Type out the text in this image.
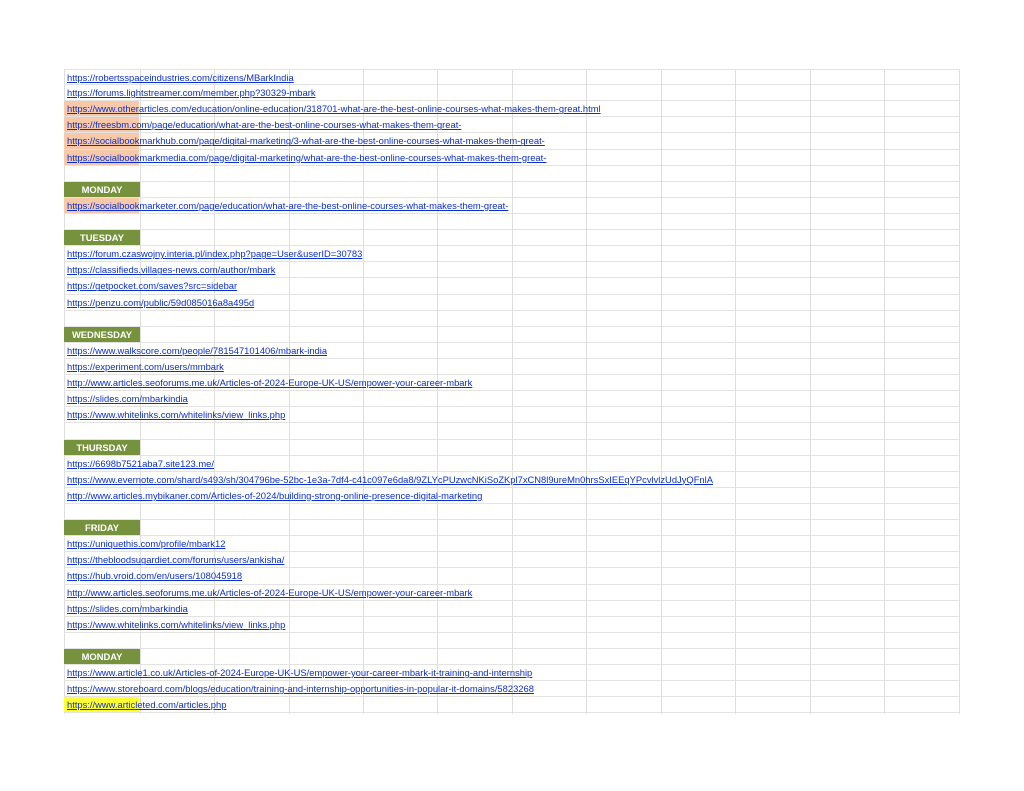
https://robertsspaceindustries.com/citizens/MBarkIndia
https://forums.lightstreamer.com/member.php?30329-mbark
https://www.otherarticles.com/education/online-education/318701-what-are-the-best-online-courses-what-makes-them-great.html
https://freesbm.com/page/education/what-are-the-best-online-courses-what-makes-them-great-
https://socialbookmarkhub.com/page/digital-marketing/3-what-are-the-best-online-courses-what-makes-them-great-
https://socialbookmarkmedia.com/page/digital-marketing/what-are-the-best-online-courses-what-makes-them-great-
MONDAY
https://socialbookmarketer.com/page/education/what-are-the-best-online-courses-what-makes-them-great-
TUESDAY
https://forum.czaswojny.interia.pl/index.php?page=User&userID=30783
https://classifieds.villages-news.com/author/mbark
https://getpocket.com/saves?src=sidebar
https://penzu.com/public/59d085016a8a495d
WEDNESDAY
https://www.walkscore.com/people/781547101406/mbark-india
https://experiment.com/users/mmbark
http://www.articles.seoforums.me.uk/Articles-of-2024-Europe-UK-US/empower-your-career-mbark
https://slides.com/mbarkindia
https://www.whitelinks.com/whitelinks/view_links.php
THURSDAY
https://6698b7521aba7.site123.me/
https://www.evernote.com/shard/s493/sh/304796be-52bc-1e3a-7df4-c41c097e6da8/9ZLYcPUzwcNKiSoZKpl7xCN8l9ureMn0hrsSxIEEqYPcvlvlzUdJyQFnlA
http://www.articles.mybikaner.com/Articles-of-2024/building-strong-online-presence-digital-marketing
FRIDAY
https://uniquethis.com/profile/mbark12
https://thebloodsugardiet.com/forums/users/ankisha/
https://hub.vroid.com/en/users/108045918
http://www.articles.seoforums.me.uk/Articles-of-2024-Europe-UK-US/empower-your-career-mbark
https://slides.com/mbarkindia
https://www.whitelinks.com/whitelinks/view_links.php
MONDAY
https://www.article1.co.uk/Articles-of-2024-Europe-UK-US/empower-your-career-mbark-it-training-and-internship
https://www.storeboard.com/blogs/education/training-and-internship-opportunities-in-popular-it-domains/5823268
https://www.articleted.com/articles.php
